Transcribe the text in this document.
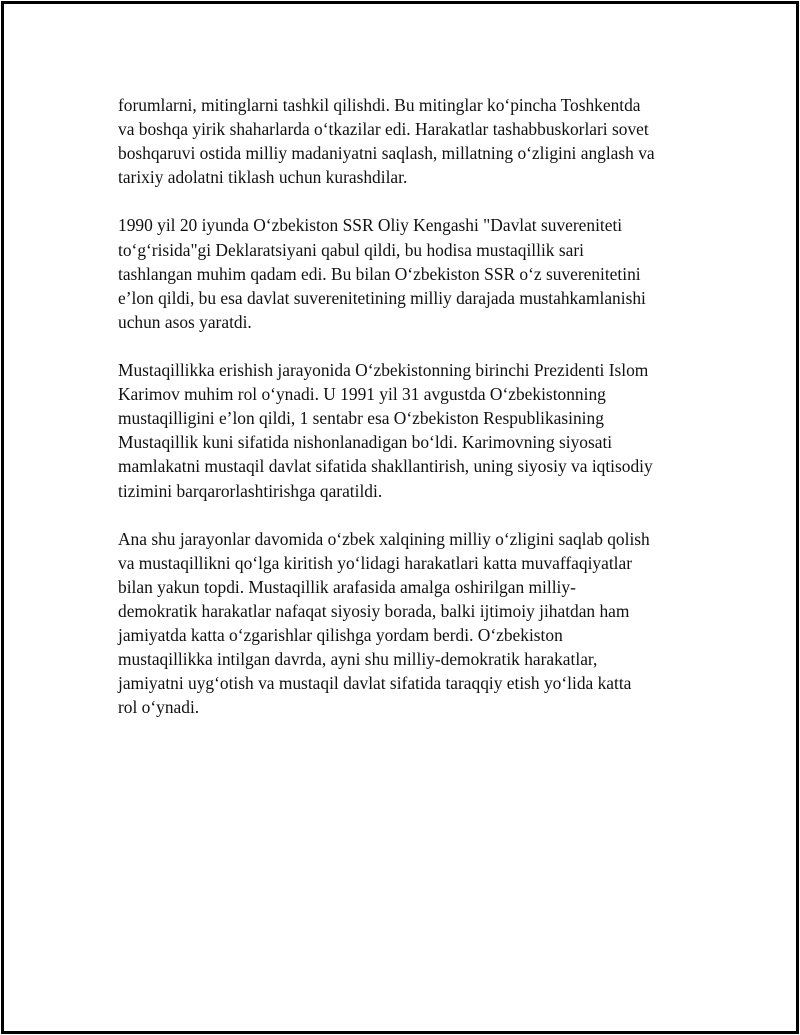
forumlarni, mitinglarni tashkil qilishdi. Bu mitinglar ko‘pincha Toshkentda
va boshqa yirik shaharlarda o‘tkazilar edi. Harakatlar tashabbuskorlari sovet
boshqaruvi ostida milliy madaniyatni saqlash, millatning o‘zligini anglash va
tarixiy adolatni tiklash uchun kurashdilar.

1990 yil 20 iyunda O‘zbekiston SSR Oliy Kengashi "Davlat suvereniteti
to‘g‘risida"gi Deklaratsiyani qabul qildi, bu hodisa mustaqillik sari
tashlangan muhim qadam edi. Bu bilan O‘zbekiston SSR o‘z suverenitetini
e’lon qildi, bu esa davlat suverenitetining milliy darajada mustahkamlanishi
uchun asos yaratdi.

Mustaqillikka erishish jarayonida O‘zbekistonning birinchi Prezidenti Islom
Karimov muhim rol o‘ynadi. U 1991 yil 31 avgustda O‘zbekistonning
mustaqilligini e’lon qildi, 1 sentabr esa O‘zbekiston Respublikasining
Mustaqillik kuni sifatida nishonlanadigan bo‘ldi. Karimovning siyosati
mamlakatni mustaqil davlat sifatida shakllantirish, uning siyosiy va iqtisodiy
tizimini barqarorlashtirishga qaratildi.

Ana shu jarayonlar davomida o‘zbek xalqining milliy o‘zligini saqlab qolish
va mustaqillikni qo‘lga kiritish yo‘lidagi harakatlari katta muvaffaqiyatlar
bilan yakun topdi. Mustaqillik arafasida amalga oshirilgan milliy-
demokratik harakatlar nafaqat siyosiy borada, balki ijtimoiy jihatdan ham
jamiyatda katta o‘zgarishlar qilishga yordam berdi. O‘zbekiston
mustaqillikka intilgan davrda, ayni shu milliy-demokratik harakatlar,
jamiyatni uyg‘otish va mustaqil davlat sifatida taraqqiy etish yo‘lida katta
rol o‘ynadi.
